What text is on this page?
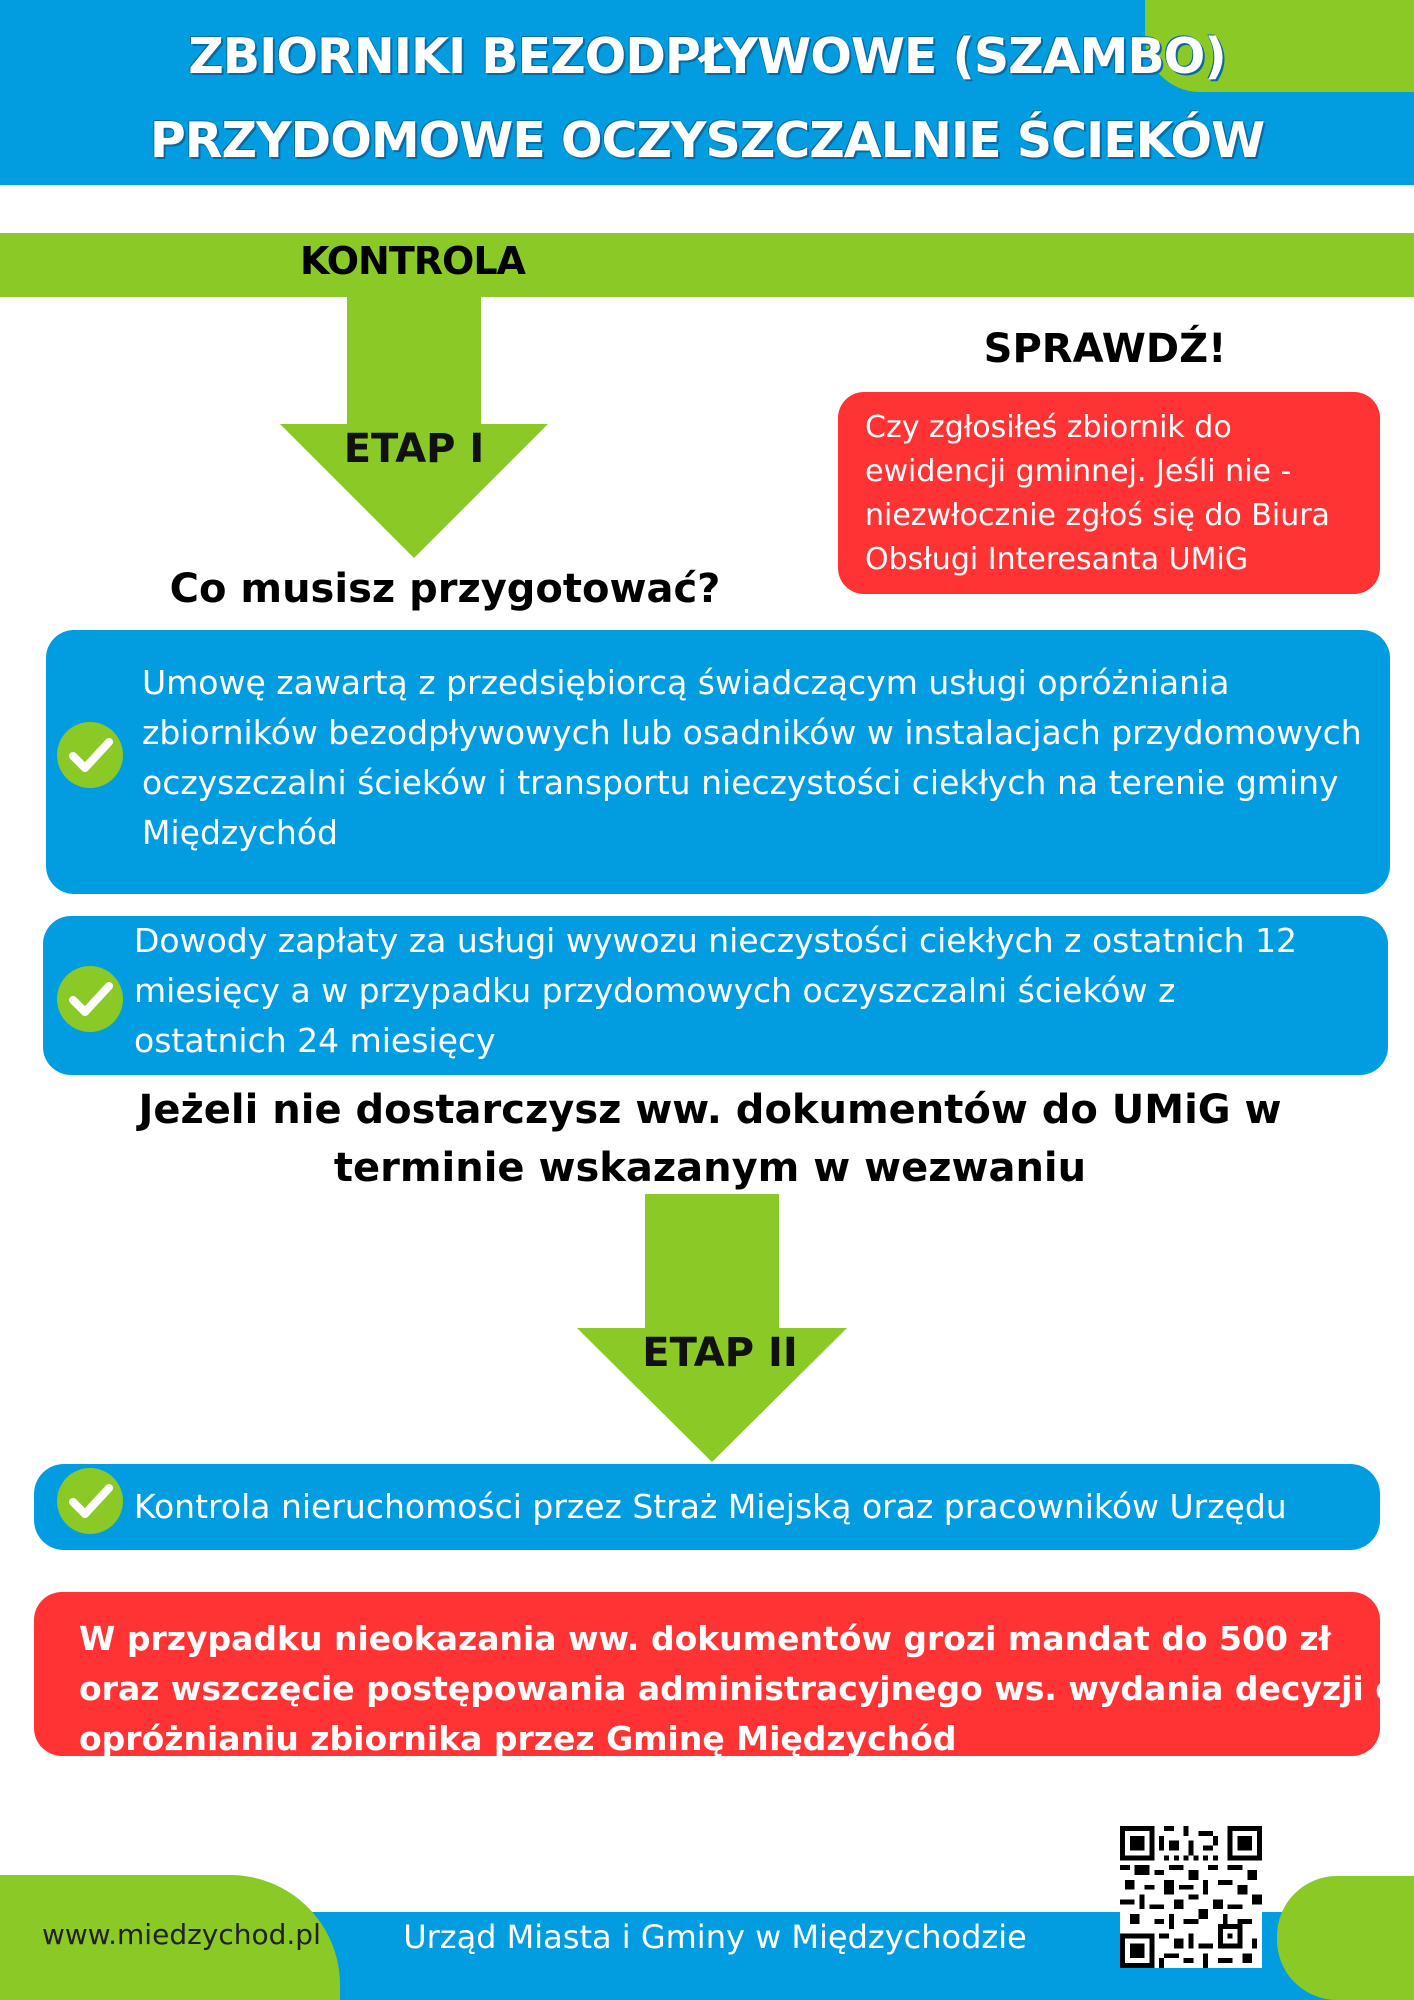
ZBIORNIKI BEZODPŁYWOWE (SZAMBO)
PRZYDOMOWE OCZYSZCZALNIE ŚCIEKÓW
KONTROLA
ETAP I
SPRAWDŹ!
Czy zgłosiłeś zbiornik do ewidencji gminnej. Jeśli nie - niezwłocznie zgłoś się do Biura Obsługi Interesanta UMiG
Co musisz przygotować?
Umowę zawartą z przedsiębiorcą świadczącym usługi opróżniania zbiorników bezodpływowych lub osadników w instalacjach przydomowych oczyszczalni ścieków i transportu nieczystości ciekłych na terenie gminy Międzychód
Dowody zapłaty za usługi wywozu nieczystości ciekłych z ostatnich 12 miesięcy a w przypadku przydomowych oczyszczalni ścieków z ostatnich 24 miesięcy
Jeżeli nie dostarczysz ww. dokumentów do UMiG w terminie wskazanym w wezwaniu
ETAP II
Kontrola nieruchomości przez Straż Miejską oraz pracowników Urzędu
W przypadku nieokazania ww. dokumentów grozi mandat do 500 zł oraz wszczęcie postępowania administracyjnego ws. wydania decyzji o opróżnianiu zbiornika przez Gminę Międzychód
www.miedzychod.pl	Urząd Miasta i Gminy w Międzychodzie
